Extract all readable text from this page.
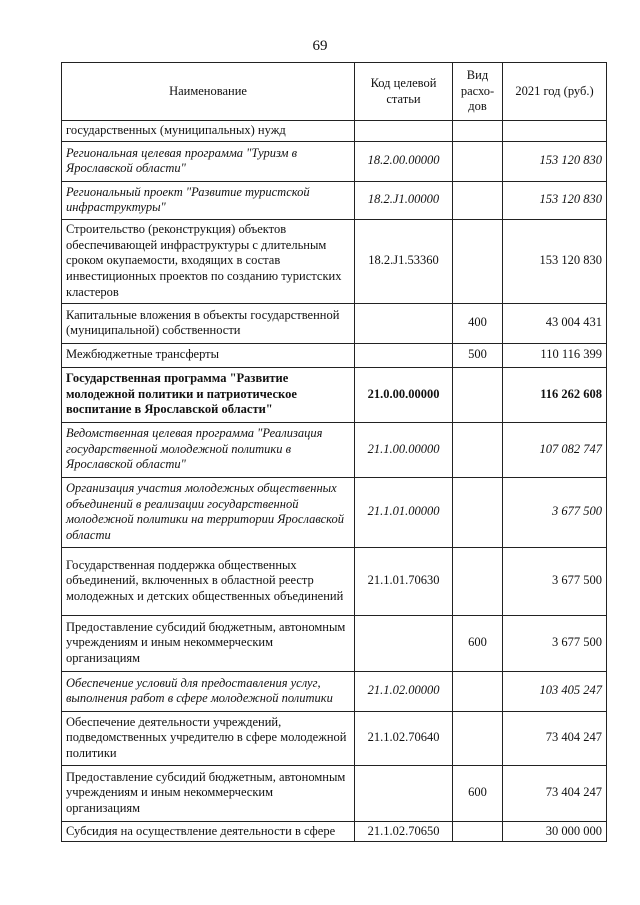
69
Наименование	Код целевой статьи	Вид расхо-дов	2021 год (руб.)
государственных (муниципальных) нужд			
Региональная целевая программа "Туризм в Ярославской области"	18.2.00.00000		153 120 830
Региональный проект "Развитие туристской инфраструктуры"	18.2.J1.00000		153 120 830
Строительство (реконструкция) объектов обеспечивающей инфраструктуры с длительным сроком окупаемости, входящих в состав инвестиционных проектов по созданию туристских кластеров	18.2.J1.53360		153 120 830
Капитальные вложения в объекты государственной (муниципальной) собственности		400	43 004 431
Межбюджетные трансферты		500	110 116 399
Государственная программа "Развитие молодежной политики и патриотическое воспитание в Ярославской области"	21.0.00.00000		116 262 608
Ведомственная целевая программа "Реализация государственной молодежной политики в Ярославской области"	21.1.00.00000		107 082 747
Организация участия молодежных общественных объединений в реализации государственной молодежной политики на территории Ярославской области	21.1.01.00000		3 677 500
Государственная поддержка общественных объединений, включенных в областной реестр молодежных и детских общественных объединений	21.1.01.70630		3 677 500
Предоставление субсидий бюджетным, автономным учреждениям и иным некоммерческим организациям		600	3 677 500
Обеспечение условий для предоставления услуг, выполнения работ в сфере молодежной политики	21.1.02.00000		103 405 247
Обеспечение деятельности учреждений, подведомственных учредителю в сфере молодежной политики	21.1.02.70640		73 404 247
Предоставление субсидий бюджетным, автономным учреждениям и иным некоммерческим организациям		600	73 404 247
Субсидия на осуществление деятельности в сфере	21.1.02.70650		30 000 000
